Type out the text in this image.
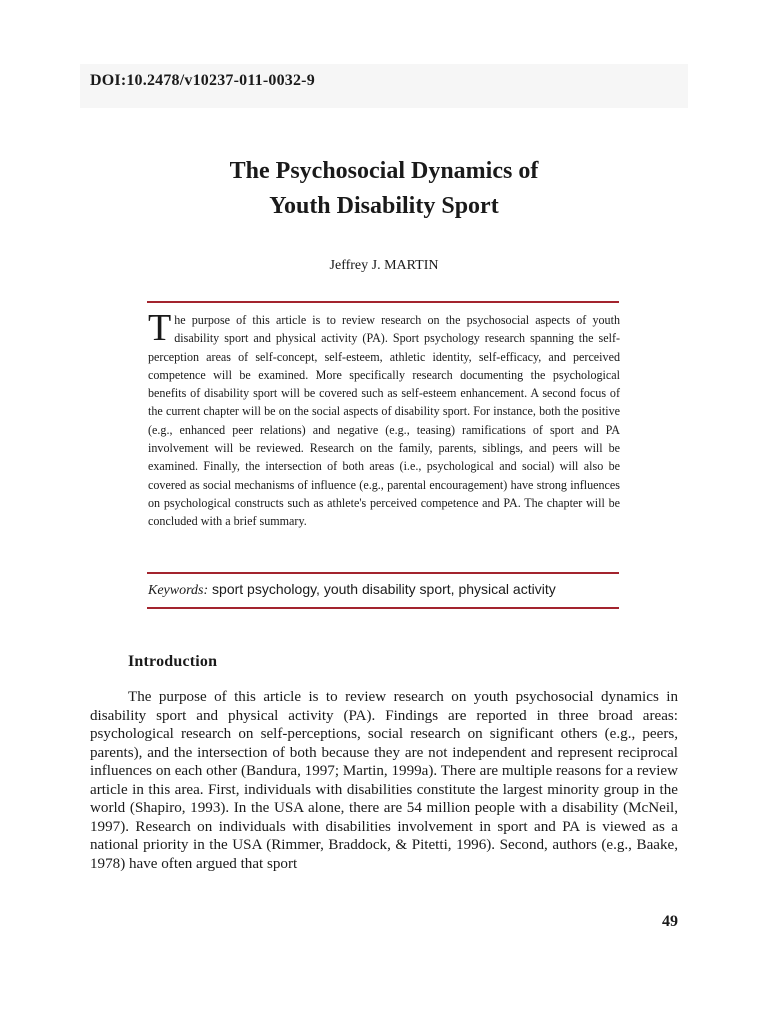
DOI:10.2478/v10237-011-0032-9
The Psychosocial Dynamics of
Youth Disability Sport
Jeffrey J. MARTIN

The purpose of this article is to review research on the psychosocial aspects of youth disability sport and physical activity (PA). Sport psychology research spanning the self-perception areas of self-concept, self-esteem, athletic identity, self-efficacy, and perceived competence will be examined. More specifically research documenting the psychological benefits of disability sport will be covered such as self-esteem enhancement. A second focus of the current chapter will be on the social aspects of disability sport. For instance, both the positive (e.g., enhanced peer relations) and negative (e.g., teasing) ramifications of sport and PA involvement will be reviewed. Research on the family, parents, siblings, and peers will be examined. Finally, the intersection of both areas (i.e., psychological and social) will also be covered as social mechanisms of influence (e.g., parental encouragement) have strong influences on psychological constructs such as athlete's perceived competence and PA. The chapter will be concluded with a brief summary.

Keywords: sport psychology, youth disability sport, physical activity
Introduction

The purpose of this article is to review research on youth psychosocial dynamics in disability sport and physical activity (PA). Findings are reported in three broad areas: psychological research on self-perceptions, social research on significant others (e.g., peers, parents), and the intersection of both because they are not independent and represent reciprocal influences on each other (Bandura, 1997; Martin, 1999a). There are multiple reasons for a review article in this area. First, individuals with disabilities constitute the largest minority group in the world (Shapiro, 1993). In the USA alone, there are 54 million people with a disability (McNeil, 1997). Research on individuals with disabilities involvement in sport and PA is viewed as a national priority in the USA (Rimmer, Braddock, & Pitetti, 1996). Second, authors (e.g., Baake, 1978) have often argued that sport

49
